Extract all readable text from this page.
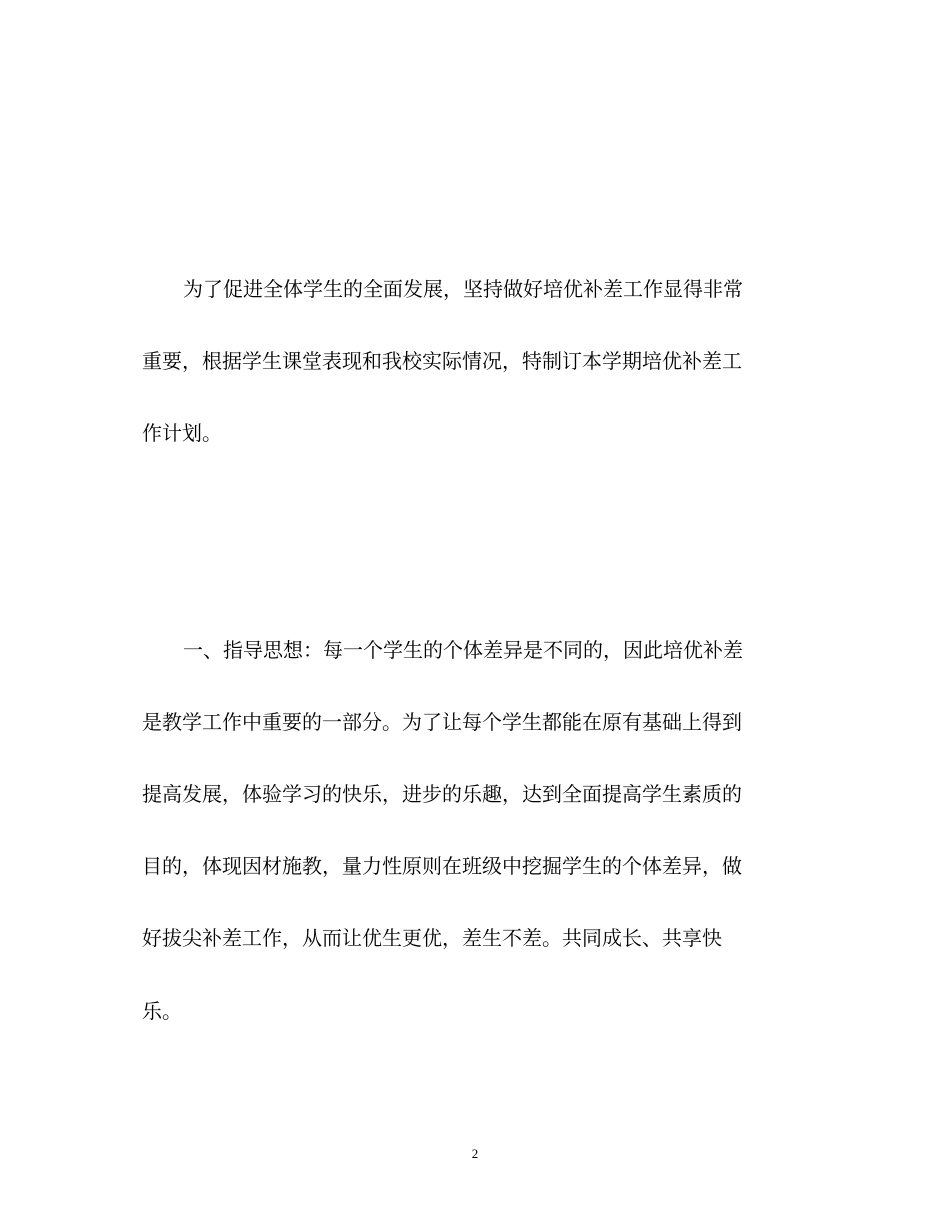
为了促进全体学生的全面发展，坚持做好培优补差工作显得非常
重要，根据学生课堂表现和我校实际情况，特制订本学期培优补差工
作计划。
一、指导思想：每一个学生的个体差异是不同的，因此培优补差
是教学工作中重要的一部分。为了让每个学生都能在原有基础上得到
提高发展，体验学习的快乐，进步的乐趣，达到全面提高学生素质的
目的，体现因材施教，量力性原则在班级中挖掘学生的个体差异，做
好拔尖补差工作，从而让优生更优，差生不差。共同成长、共享快
乐。
2
